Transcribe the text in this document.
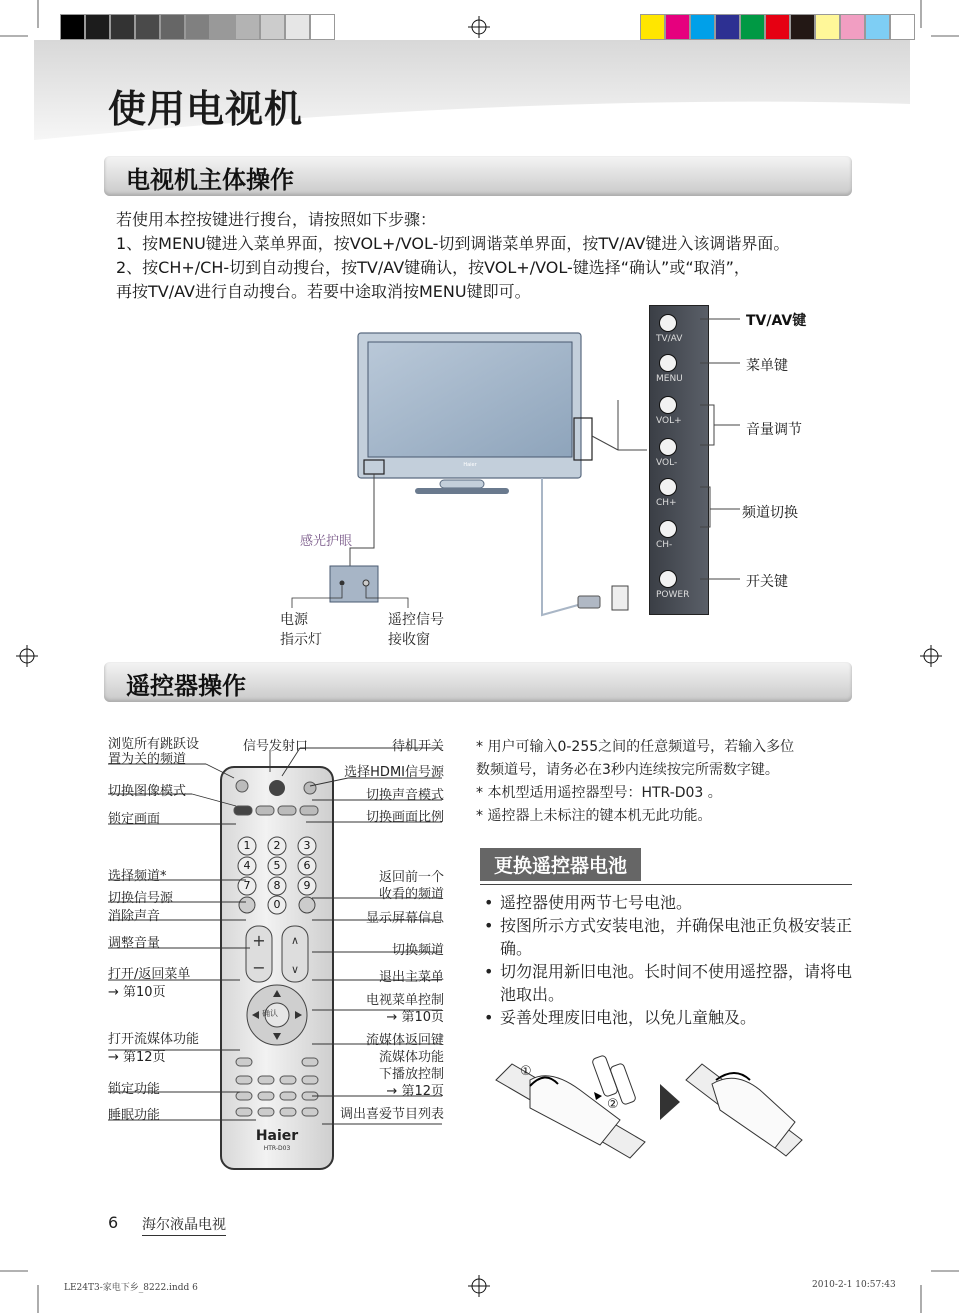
使用电视机
电视机主体操作
若使用本控按键进行搜台，请按照如下步骤：
1、按MENU键进入菜单界面，按VOL+/VOL-切到调谐菜单界面，按TV/AV键进入该调谐界面。
2、按CH+/CH-切到自动搜台，按TV/AV键确认，按VOL+/VOL-键选择“确认”或“取消”，
再按TV/AV进行自动搜台。若要中途取消按MENU键即可。
Haier
感光护眼
电源
指示灯
遥控信号
接收窗
TV/AV
MENU
VOL+
VOL-
CH+
CH-
POWER
TV/AV键
菜单键
音量调节
频道切换
开关键
遥控器操作
+
−
∧
∨
1	2	3
4	5	6
7	8	9
0
确认
Haier
HTR-D03
浏览所有跳跃设
置为关的频道
切换图像模式
锁定画面
选择频道*
切换信号源
消除声音
调整音量
打开/返回菜单
→ 第10页
打开流媒体功能
→ 第12页
锁定功能
睡眠功能
信号发射口	待机开关
选择HDMI信号源
切换声音模式
切换画面比例
返回前一个
收看的频道
显示屏幕信息
切换频道
退出主菜单
电视菜单控制
→ 第10页
流媒体返回键
流媒体功能
下播放控制
→ 第12页
调出喜爱节目列表
* 用户可输入0-255之间的任意频道号，若输入多位
数频道号，请务必在3秒内连续按完所需数字键。
* 本机型适用遥控器型号：HTR-D03 。
* 遥控器上未标注的键本机无此功能。
更换遥控器电池
• 遥控器使用两节七号电池。
• 按图所示方式安装电池，并确保电池正负极安装正确。
• 切勿混用新旧电池。长时间不使用遥控器，请将电池取出。
• 妥善处理废旧电池，以免儿童触及。
①
②
6 海尔液晶电视
LE24T3-家电下乡_8222.indd 6	2010-2-1 10:57:43
